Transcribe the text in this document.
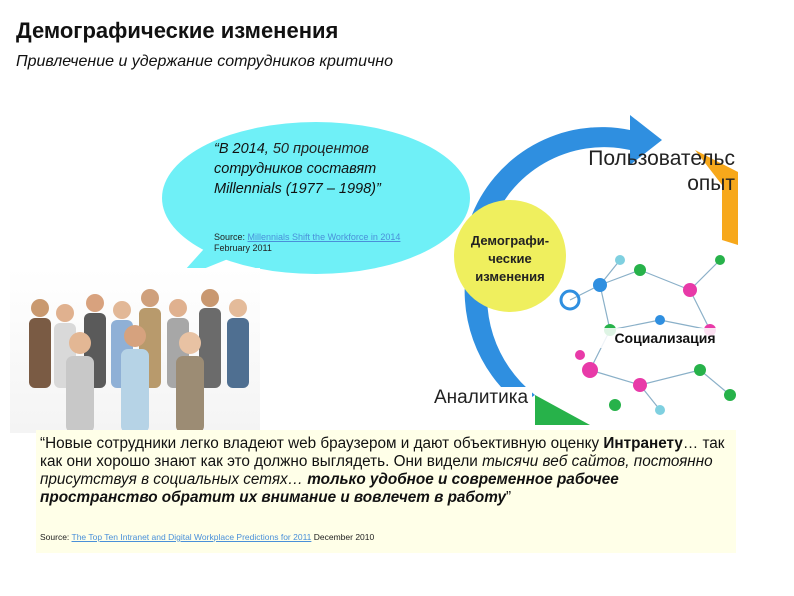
Демографические изменения
Привлечение и удержание сотрудников критично
“В 2014, 50 процентов сотрудников составят Millennials (1977 – 1998)”
Source: Millennials Shift the Workforce in 2014 February 2011
Пользовательс
опыт
Демографи-
ческие
изменения
Социализация
Аналитика
“Новые сотрудники легко владеют web браузером и дают объективную оценку Интранету… так как они хорошо знают как это должно выглядеть. Они видели тысячи веб сайтов, постоянно присутствуя в социальных сетях… только удобное и современное рабочее пространство обратит их внимание и вовлечет в работу”
Source: The Top Ten Intranet and Digital Workplace Predictions for 2011 December 2010
